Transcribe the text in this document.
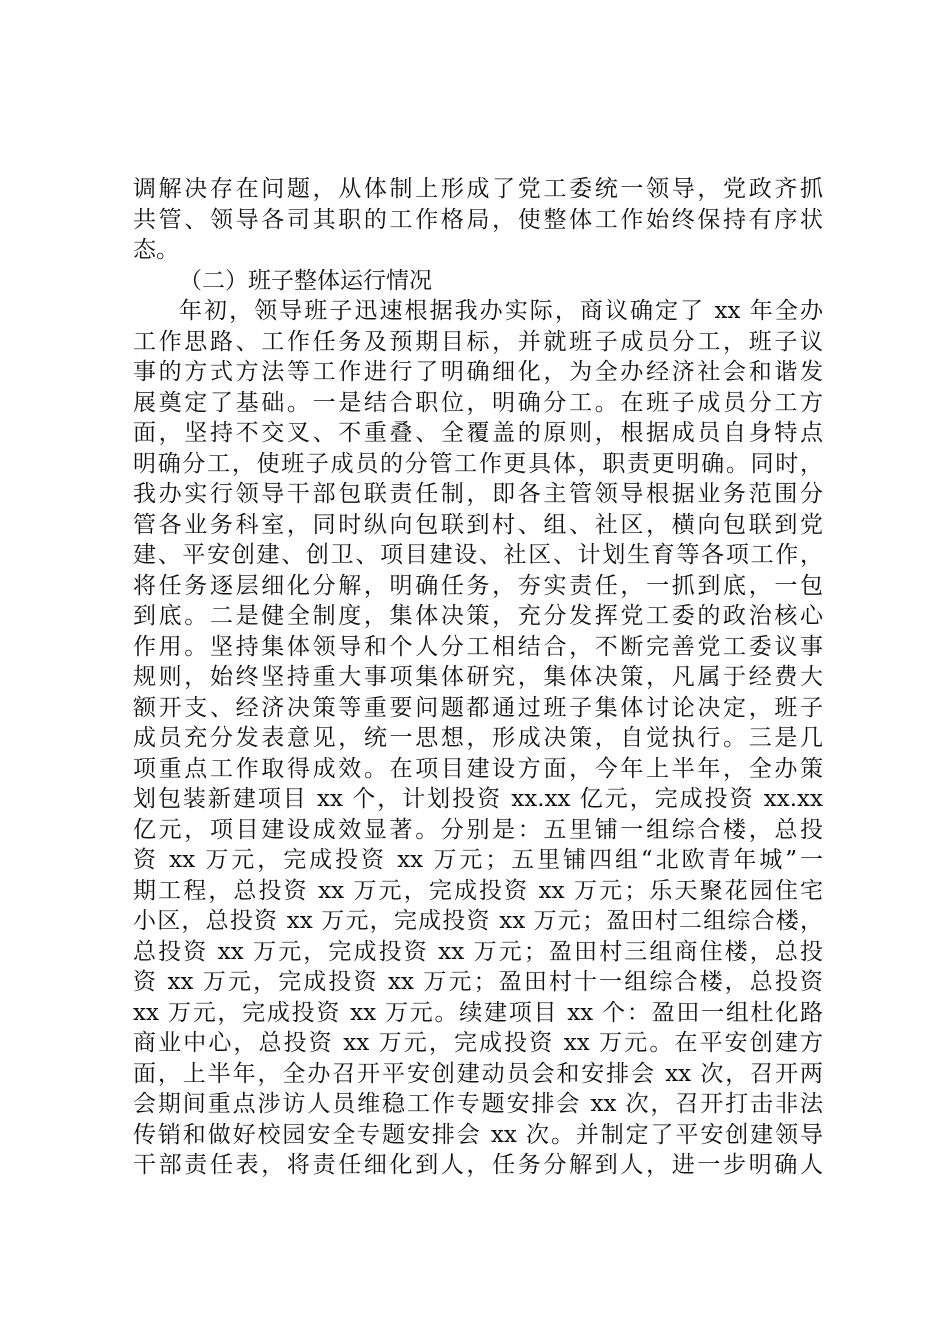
调解决存在问题，从体制上形成了党工委统一领导，党政齐抓
共管、领导各司其职的工作格局，使整体工作始终保持有序状
态。
（二）班子整体运行情况
年初，领导班子迅速根据我办实际，商议确定了 xx 年全办
工作思路、工作任务及预期目标，并就班子成员分工，班子议
事的方式方法等工作进行了明确细化，为全办经济社会和谐发
展奠定了基础。一是结合职位，明确分工。在班子成员分工方
面，坚持不交叉、不重叠、全覆盖的原则，根据成员自身特点
明确分工，使班子成员的分管工作更具体，职责更明确。同时，
我办实行领导干部包联责任制，即各主管领导根据业务范围分
管各业务科室，同时纵向包联到村、组、社区，横向包联到党
建、平安创建、创卫、项目建设、社区、计划生育等各项工作，
将任务逐层细化分解，明确任务，夯实责任，一抓到底，一包
到底。二是健全制度，集体决策，充分发挥党工委的政治核心
作用。坚持集体领导和个人分工相结合，不断完善党工委议事
规则，始终坚持重大事项集体研究，集体决策，凡属于经费大
额开支、经济决策等重要问题都通过班子集体讨论决定，班子
成员充分发表意见，统一思想，形成决策，自觉执行。三是几
项重点工作取得成效。在项目建设方面，今年上半年，全办策
划包装新建项目 xx 个，计划投资 xx.xx 亿元，完成投资 xx.xx
亿元，项目建设成效显著。分别是：五里铺一组综合楼，总投
资 xx 万元，完成投资 xx 万元；五里铺四组“北欧青年城”一
期工程，总投资 xx 万元，完成投资 xx 万元；乐天聚花园住宅
小区，总投资 xx 万元，完成投资 xx 万元；盈田村二组综合楼，
总投资 xx 万元，完成投资 xx 万元；盈田村三组商住楼，总投
资 xx 万元，完成投资 xx 万元；盈田村十一组综合楼，总投资
xx 万元，完成投资 xx 万元。续建项目 xx 个：盈田一组杜化路
商业中心，总投资 xx 万元，完成投资 xx 万元。在平安创建方
面，上半年，全办召开平安创建动员会和安排会 xx 次，召开两
会期间重点涉访人员维稳工作专题安排会 xx 次，召开打击非法
传销和做好校园安全专题安排会 xx 次。并制定了平安创建领导
干部责任表，将责任细化到人，任务分解到人，进一步明确人
